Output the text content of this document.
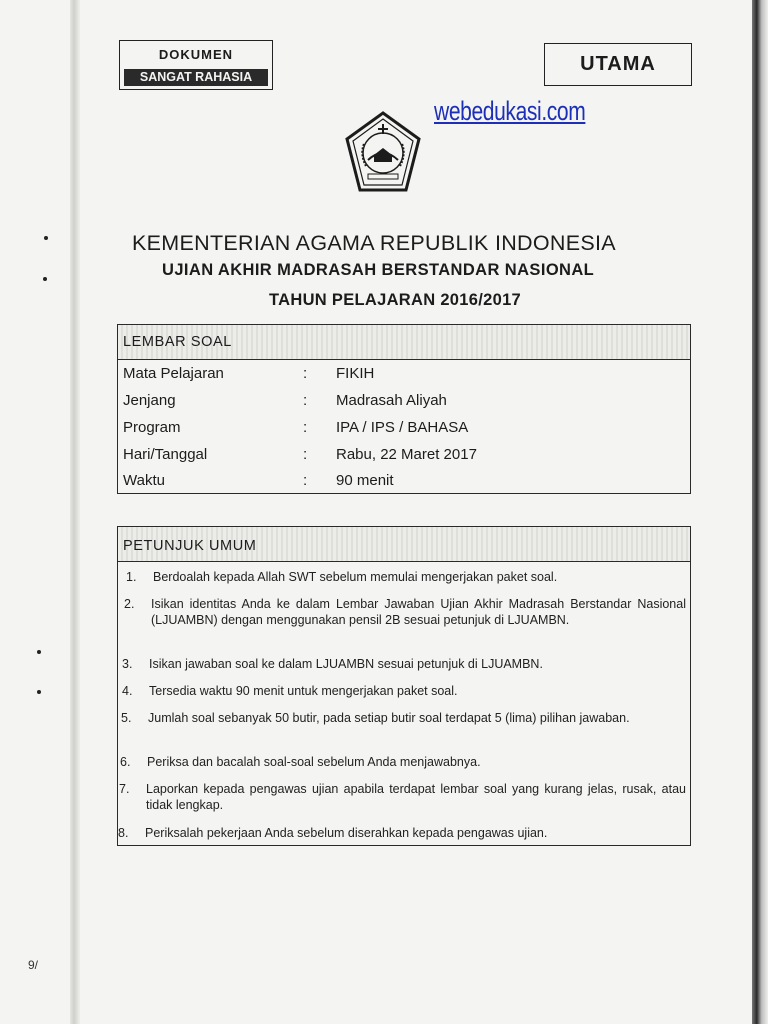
DOKUMEN
SANGAT RAHASIA
UTAMA
webedukasi.com
KEMENTERIAN AGAMA REPUBLIK INDONESIA
UJIAN AKHIR MADRASAH BERSTANDAR NASIONAL
TAHUN PELAJARAN 2016/2017
LEMBAR SOAL
Mata Pelajaran	: FIKIH
Jenjang	: Madrasah Aliyah
Program	: IPA / IPS / BAHASA
Hari/Tanggal	: Rabu, 22 Maret 2017
Waktu	: 90 menit
PETUNJUK UMUM
1. Berdoalah kepada Allah SWT sebelum memulai mengerjakan paket soal.
2. Isikan identitas Anda ke dalam Lembar Jawaban Ujian Akhir Madrasah Berstandar Nasional (LJUAMBN) dengan menggunakan pensil 2B sesuai petunjuk di LJUAMBN.
3. Isikan jawaban soal ke dalam LJUAMBN sesuai petunjuk di LJUAMBN.
4. Tersedia waktu 90 menit untuk mengerjakan paket soal.
5. Jumlah soal sebanyak 50 butir, pada setiap butir soal terdapat 5 (lima) pilihan jawaban.
6. Periksa dan bacalah soal-soal sebelum Anda menjawabnya.
7. Laporkan kepada pengawas ujian apabila terdapat lembar soal yang kurang jelas, rusak, atau tidak lengkap.
8. Periksalah pekerjaan Anda sebelum diserahkan kepada pengawas ujian.
9/
